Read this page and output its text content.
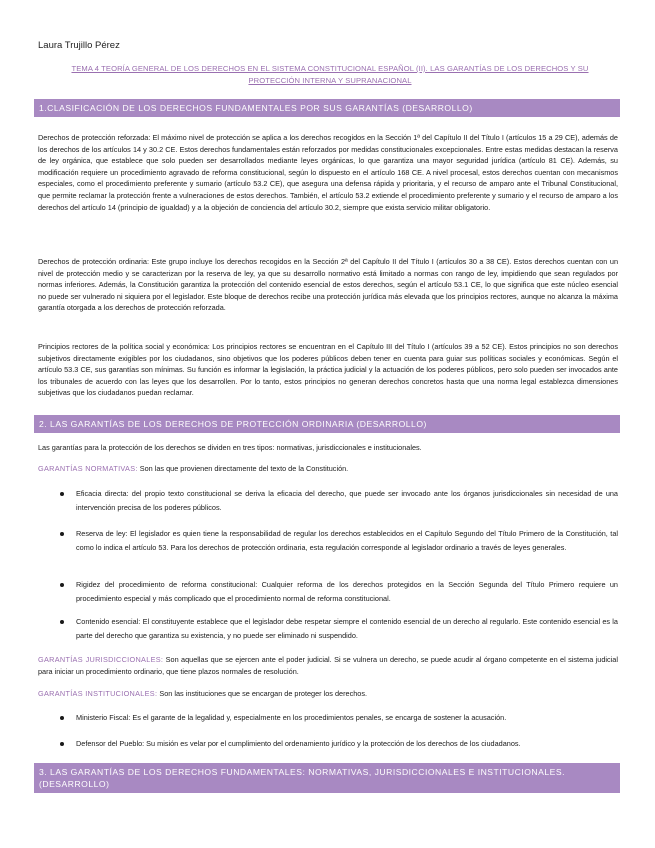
Laura Trujillo Pérez
TEMA 4 TEORÍA GENERAL DE LOS DERECHOS EN EL SISTEMA CONSTITUCIONAL ESPAÑOL (II). LAS GARANTÍAS DE LOS DERECHOS Y SU
PROTECCIÓN INTERNA Y SUPRANACIONAL
1.CLASIFICACIÓN DE LOS DERECHOS FUNDAMENTALES POR SUS GARANTÍAS (DESARROLLO)
Derechos de protección reforzada: El máximo nivel de protección se aplica a los derechos recogidos en la Sección 1ª del Capítulo II del Título I (artículos 15 a 29 CE), además de los derechos de los artículos 14 y 30.2 CE. Estos derechos fundamentales están reforzados por medidas constitucionales excepcionales. Entre estas medidas destacan la reserva de ley orgánica, que establece que solo pueden ser desarrollados mediante leyes orgánicas, lo que garantiza una mayor seguridad jurídica (artículo 81 CE). Además, su modificación requiere un procedimiento agravado de reforma constitucional, según lo dispuesto en el artículo 168 CE. A nivel procesal, estos derechos cuentan con mecanismos especiales, como el procedimiento preferente y sumario (artículo 53.2 CE), que asegura una defensa rápida y prioritaria, y el recurso de amparo ante el Tribunal Constitucional, que permite reclamar la protección frente a vulneraciones de estos derechos. También, el artículo 53.2 extiende el procedimiento preferente y sumario y el recurso de amparo a los derechos del artículo 14 (principio de igualdad) y a la objeción de conciencia del artículo 30.2, siempre que exista servicio militar obligatorio.
Derechos de protección ordinaria: Este grupo incluye los derechos recogidos en la Sección 2ª del Capítulo II del Título I (artículos 30 a 38 CE). Estos derechos cuentan con un nivel de protección medio y se caracterizan por la reserva de ley, ya que su desarrollo normativo está limitado a normas con rango de ley, impidiendo que sean regulados por normas inferiores. Además, la Constitución garantiza la protección del contenido esencial de estos derechos, según el artículo 53.1 CE, lo que significa que este núcleo esencial no puede ser vulnerado ni siquiera por el legislador. Este bloque de derechos recibe una protección jurídica más elevada que los principios rectores, aunque no alcanza la máxima garantía otorgada a los derechos de protección reforzada.
Principios rectores de la política social y económica: Los principios rectores se encuentran en el Capítulo III del Título I (artículos 39 a 52 CE). Estos principios no son derechos subjetivos directamente exigibles por los ciudadanos, sino objetivos que los poderes públicos deben tener en cuenta para guiar sus políticas sociales y económicas. Según el artículo 53.3 CE, sus garantías son mínimas. Su función es informar la legislación, la práctica judicial y la actuación de los poderes públicos, pero solo pueden ser invocados ante los tribunales de acuerdo con las leyes que los desarrollen. Por lo tanto, estos principios no generan derechos concretos hasta que una norma legal establezca dimensiones subjetivas que los ciudadanos puedan reclamar.
2. LAS GARANTÍAS DE LOS DERECHOS DE PROTECCIÓN ORDINARIA (DESARROLLO)
Las garantías para la protección de los derechos se dividen en tres tipos: normativas, jurisdiccionales e institucionales.
GARANTÍAS NORMATIVAS: Son las que provienen directamente del texto de la Constitución.
Eficacia directa: del propio texto constitucional se deriva la eficacia del derecho, que puede ser invocado ante los órganos jurisdiccionales sin necesidad de una intervención precisa de los poderes públicos.
Reserva de ley: El legislador es quien tiene la responsabilidad de regular los derechos establecidos en el Capítulo Segundo del Título Primero de la Constitución, tal como lo indica el artículo 53. Para los derechos de protección ordinaria, esta regulación corresponde al legislador ordinario a través de leyes generales.
Rigidez del procedimiento de reforma constitucional: Cualquier reforma de los derechos protegidos en la Sección Segunda del Título Primero requiere un procedimiento especial y más complicado que el procedimiento normal de reforma constitucional.
Contenido esencial: El constituyente establece que el legislador debe respetar siempre el contenido esencial de un derecho al regularlo. Este contenido esencial es la parte del derecho que garantiza su existencia, y no puede ser eliminado ni suspendido.
GARANTÍAS JURISDICCIONALES: Son aquellas que se ejercen ante el poder judicial. Si se vulnera un derecho, se puede acudir al órgano competente en el sistema judicial para iniciar un procedimiento ordinario, que tiene plazos normales de resolución.
GARANTÍAS INSTITUCIONALES: Son las instituciones que se encargan de proteger los derechos.
Ministerio Fiscal: Es el garante de la legalidad y, especialmente en los procedimientos penales, se encarga de sostener la acusación.
Defensor del Pueblo: Su misión es velar por el cumplimiento del ordenamiento jurídico y la protección de los derechos de los ciudadanos.
3. LAS GARANTÍAS DE LOS DERECHOS FUNDAMENTALES: NORMATIVAS, JURISDICCIONALES E INSTITUCIONALES. (DESARROLLO)
